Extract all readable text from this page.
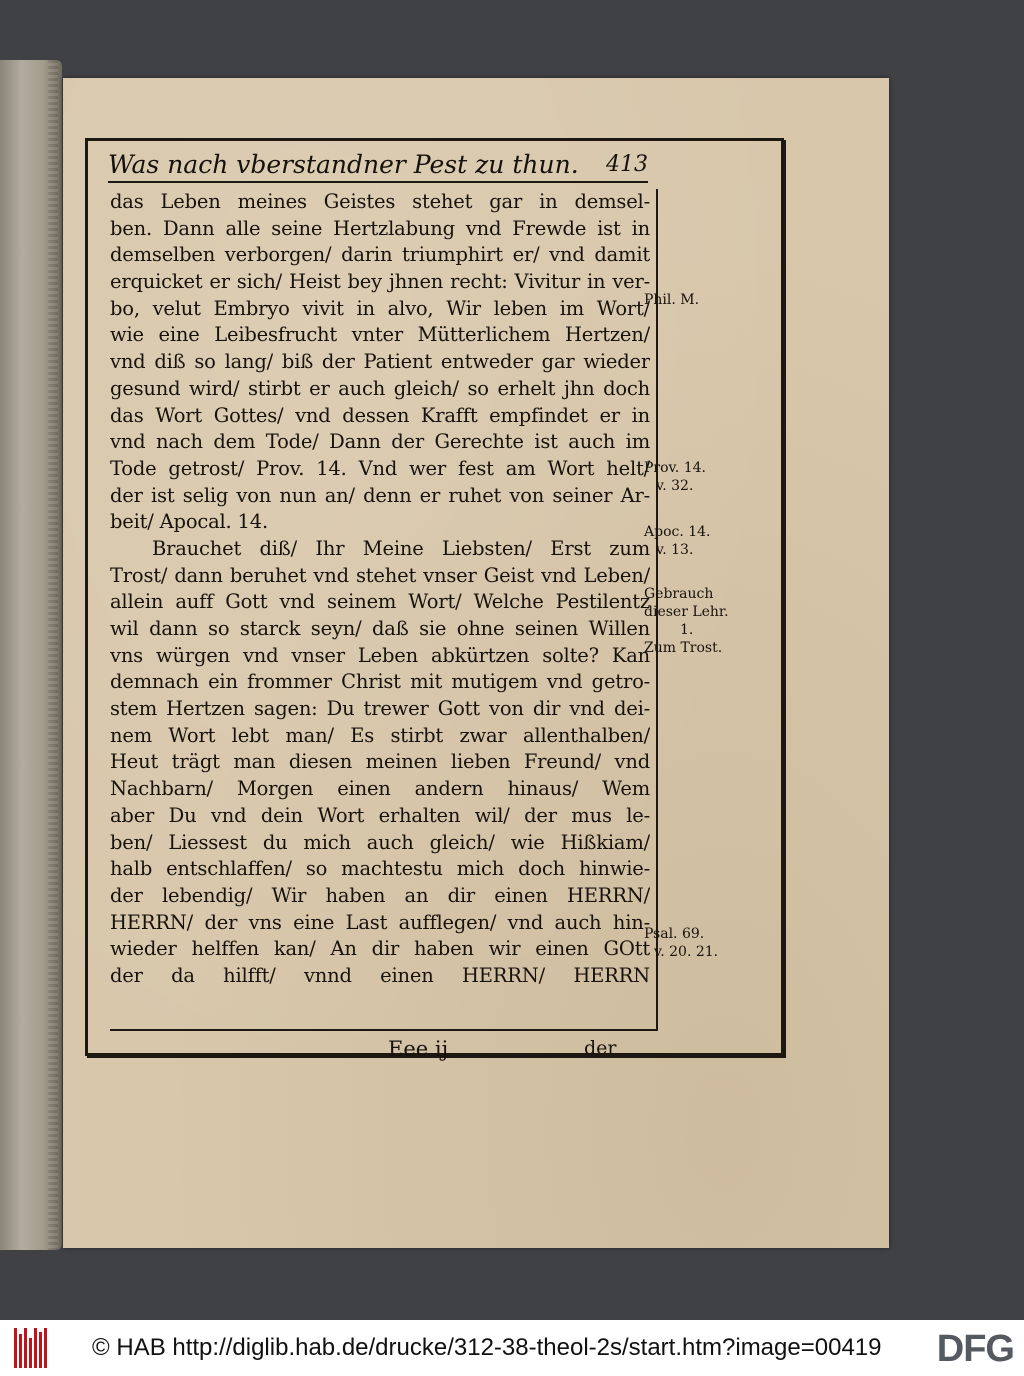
Was nach vberstandner Pest zu thun. 413
das Leben meines Geistes stehet gar in demsel-
ben. Dann alle seine Hertzlabung vnd Frewde ist in
demselben verborgen/ darin triumphirt er/ vnd damit
erquicket er sich/ Heist bey jhnen recht: Vivitur in ver-
bo, velut Embryo vivit in alvo, Wir leben im Wort/
wie eine Leibesfrucht vnter Mütterlichem Hertzen/
vnd diß so lang/ biß der Patient entweder gar wieder
gesund wird/ stirbt er auch gleich/ so erhelt jhn doch
das Wort Gottes/ vnd dessen Krafft empfindet er in
vnd nach dem Tode/ Dann der Gerechte ist auch im
Tode getrost/ Prov. 14. Vnd wer fest am Wort helt/
der ist selig von nun an/ denn er ruhet von seiner Ar-
beit/ Apocal. 14.
Brauchet diß/ Ihr Meine Liebsten/ Erst zum
Trost/ dann beruhet vnd stehet vnser Geist vnd Leben/
allein auff Gott vnd seinem Wort/ Welche Pestilentz
wil dann so starck seyn/ daß sie ohne seinen Willen
vns würgen vnd vnser Leben abkürtzen solte? Kan
demnach ein frommer Christ mit mutigem vnd getro-
stem Hertzen sagen: Du trewer Gott von dir vnd dei-
nem Wort lebt man/ Es stirbt zwar allenthalben/
Heut trägt man diesen meinen lieben Freund/ vnd
Nachbarn/ Morgen einen andern hinaus/ Wem
aber Du vnd dein Wort erhalten wil/ der mus le-
ben/ Liessest du mich auch gleich/ wie Hißkiam/
halb entschlaffen/ so machtestu mich doch hinwie-
der lebendig/ Wir haben an dir einen HERRN/
HERRN/ der vns eine Last aufflegen/ vnd auch hin-
wieder helffen kan/ An dir haben wir einen GOtt
der da hilfft/ vnnd einen HERRN/ HERRN
Phil. M.
Prov. 14.
v. 32.
Apoc. 14.
v. 13.
Gebrauch
dieser Lehr.
1.
Zum Trost.
Psal. 69.
v. 20. 21.
Eee ij	der
© HAB http://diglib.hab.de/drucke/312-38-theol-2s/start.htm?image=00419 DFG
